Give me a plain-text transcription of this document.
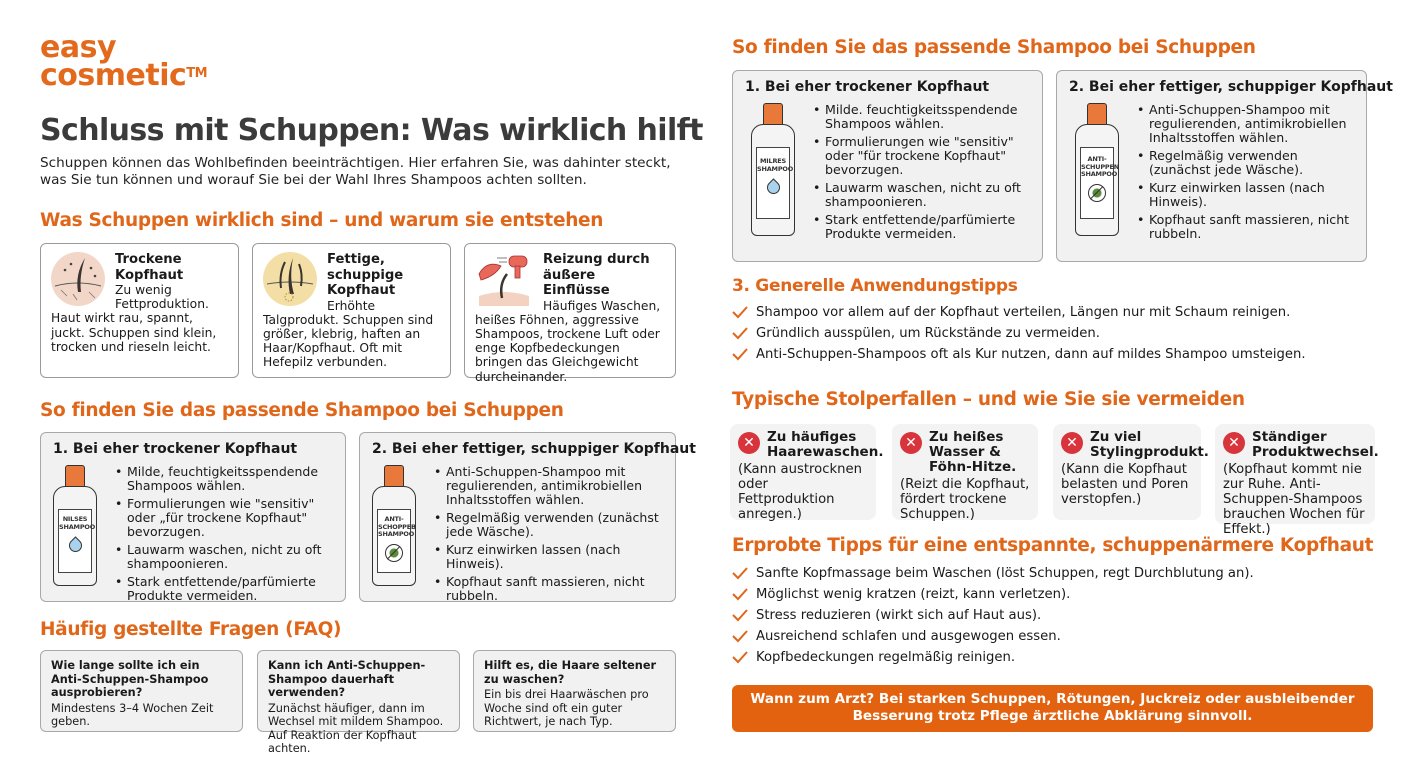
easy
cosmetic™
Schluss mit Schuppen: Was wirklich hilft

Schuppen können das Wohlbefinden beeinträchtigen. Hier erfahren Sie, was dahinter steckt, was Sie tun können und worauf Sie bei der Wahl Ihres Shampoos achten sollten.

Was Schuppen wirklich sind – und warum sie entstehen
Trockene Kopfhaut
Zu wenig Fettproduktion. Haut wirkt rau, spannt, juckt. Schuppen sind klein, trocken und rieseln leicht.
Fettige, schuppige Kopfhaut
Erhöhte Talgprodukt. Schuppen sind größer, klebrig, haften an Haar/Kopfhaut. Oft mit Hefepilz verbunden.
Reizung durch äußere Einflüsse
Häufiges Waschen, heißes Föhnen, aggressive Shampoos, trockene Luft oder enge Kopfbedeckungen bringen das Gleichgewicht durcheinander.
So finden Sie das passende Shampoo bei Schuppen
1. Bei eher trockener Kopfhaut
NILSES SHAMPOO
• Milde, feuchtigkeitsspendende Shampoos wählen.
• Formulierungen wie "sensitiv" oder „für trockene Kopfhaut" bevorzugen.
• Lauwarm waschen, nicht zu oft shampoonieren.
• Stark entfettende/parfümierte Produkte vermeiden.
2. Bei eher fettiger, schuppiger Kopfhaut
ANTI-SCHOPPEB SHAMPOO
• Anti-Schuppen-Shampoo mit regulierenden, antimikrobiellen Inhaltsstoffen wählen.
• Regelmäßig verwenden (zunächst jede Wäsche).
• Kurz einwirken lassen (nach Hinweis).
• Kopfhaut sanft massieren, nicht rubbeln.
Häufig gestellte Fragen (FAQ)
Wie lange sollte ich ein Anti-Schuppen-Shampoo ausprobieren?
Mindestens 3–4 Wochen Zeit geben.
Kann ich Anti-Schuppen-Shampoo dauerhaft verwenden?
Zunächst häufiger, dann im Wechsel mit mildem Shampoo. Auf Reaktion der Kopfhaut achten.
Hilft es, die Haare seltener zu waschen?
Ein bis drei Haarwäschen pro Woche sind oft ein guter Richtwert, je nach Typ.
So finden Sie das passende Shampoo bei Schuppen
1. Bei eher trockener Kopfhaut
MILRES SHAMPOO
• Milde. feuchtigkeitsspendende Shampoos wählen.
• Formulierungen wie "sensitiv" oder "für trockene Kopfhaut" bevorzugen.
• Lauwarm waschen, nicht zu oft shampoonieren.
• Stark entfettende/parfümierte Produkte vermeiden.
2. Bei eher fettiger, schuppiger Kopfhaut
ANTI-SCHUPPEN SHAMPOO
• Anti-Schuppen-Shampoo mit regulierenden, antimikrobiellen Inhaltsstoffen wählen.
• Regelmäßig verwenden (zunächst jede Wäsche).
• Kurz einwirken lassen (nach Hinweis).
• Kopfhaut sanft massieren, nicht rubbeln.
3. Generelle Anwendungstipps
Shampoo vor allem auf der Kopfhaut verteilen, Längen nur mit Schaum reinigen.
Gründlich ausspülen, um Rückstände zu vermeiden.
Anti-Schuppen-Shampoos oft als Kur nutzen, dann auf mildes Shampoo umsteigen.
Typische Stolperfallen – und wie Sie sie vermeiden
✕ Zu häufiges Haarewaschen.
(Kann austrocknen oder Fettproduktion anregen.)
✕ Zu heißes Wasser & Föhn-Hitze.
(Reizt die Kopfhaut, fördert trockene Schuppen.)
✕ Zu viel Stylingprodukt.
(Kann die Kopfhaut belasten und Poren verstopfen.)
✕ Ständiger Produktwechsel.
(Kopfhaut kommt nie zur Ruhe. Anti-Schuppen-Shampoos brauchen Wochen für Effekt.)
Erprobte Tipps für eine entspannte, schuppenärmere Kopfhaut
Sanfte Kopfmassage beim Waschen (löst Schuppen, regt Durchblutung an).
Möglichst wenig kratzen (reizt, kann verletzen).
Stress reduzieren (wirkt sich auf Haut aus).
Ausreichend schlafen und ausgewogen essen.
Kopfbedeckungen regelmäßig reinigen.
Wann zum Arzt? Bei starken Schuppen, Rötungen, Juckreiz oder ausbleibender
Besserung trotz Pflege ärztliche Abklärung sinnvoll.
